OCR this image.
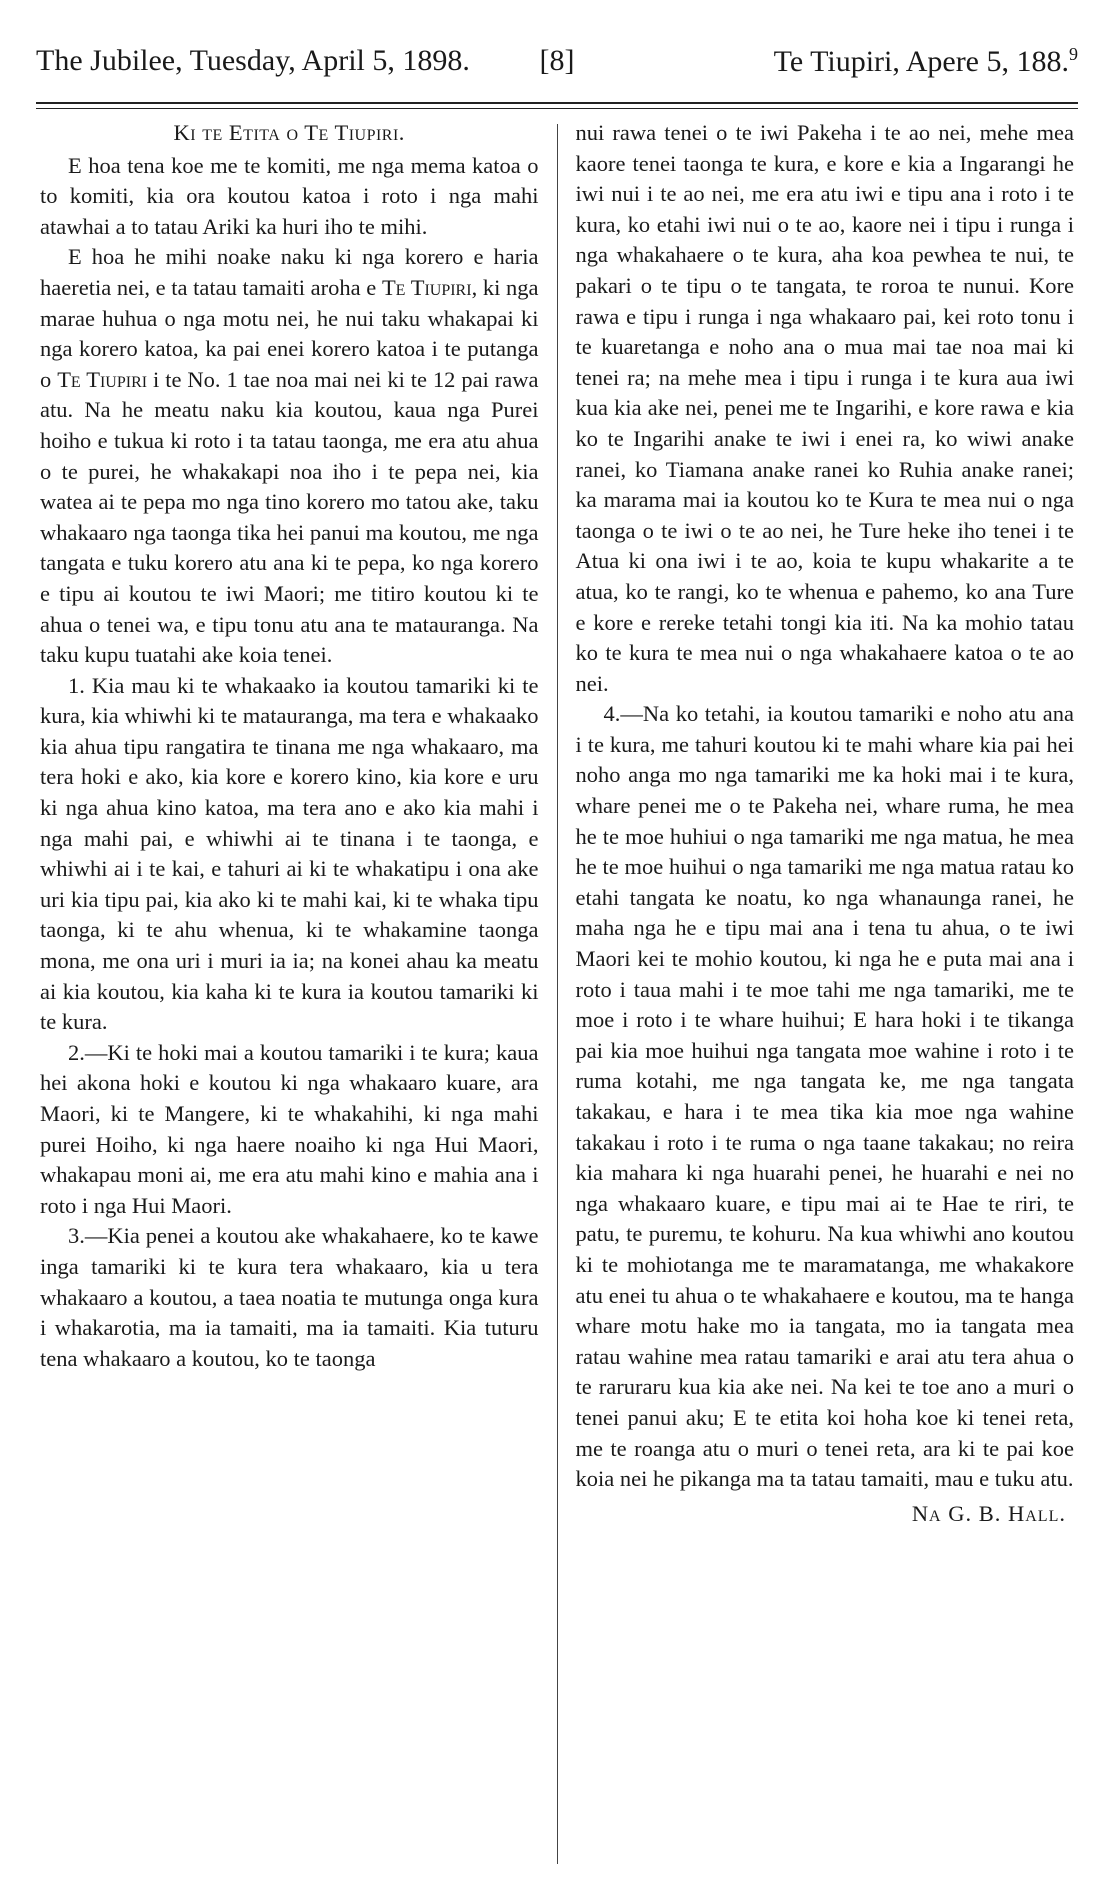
The Jubilee, Tuesday, April 5, 1898. [8]	Te Tiupiri, Apere 5, 188.$^9$
Ki te Etita o Te Tiupiri.

E hoa tena koe me te komiti, me nga mema katoa o to komiti, kia ora koutou katoa i roto i nga mahi atawhai a to tatau Ariki ka huri iho te mihi.

E hoa he mihi noake naku ki nga korero e haria haeretia nei, e ta tatau tamaiti aroha e Te Tiupiri, ki nga marae huhua o nga motu nei, he nui taku whakapai ki nga korero katoa, ka pai enei korero katoa i te putanga o Te Tiupiri i te No. 1 tae noa mai nei ki te 12 pai rawa atu. Na he meatu naku kia koutou, kaua nga Purei hoiho e tukua ki roto i ta tatau taonga, me era atu ahua o te purei, he whakakapi noa iho i te pepa nei, kia watea ai te pepa mo nga tino korero mo tatou ake, taku whakaaro nga taonga tika hei panui ma koutou, me nga tangata e tuku korero atu ana ki te pepa, ko nga korero e tipu ai koutou te iwi Maori; me titiro koutou ki te ahua o tenei wa, e tipu tonu atu ana te matauranga. Na taku kupu tuatahi ake koia tenei.

1. Kia mau ki te whakaako ia koutou tamariki ki te kura, kia whiwhi ki te matauranga, ma tera e whakaako kia ahua tipu rangatira te tinana me nga whakaaro, ma tera hoki e ako, kia kore e korero kino, kia kore e uru ki nga ahua kino katoa, ma tera ano e ako kia mahi i nga mahi pai, e whiwhi ai te tinana i te taonga, e whiwhi ai i te kai, e tahuri ai ki te whakatipu i ona ake uri kia tipu pai, kia ako ki te mahi kai, ki te whaka tipu taonga, ki te ahu whenua, ki te whakamine taonga mona, me ona uri i muri ia ia; na konei ahau ka meatu ai kia koutou, kia kaha ki te kura ia koutou tamariki ki te kura.

2.—Ki te hoki mai a koutou tamariki i te kura; kaua hei akona hoki e koutou ki nga whakaaro kuare, ara Maori, ki te Mangere, ki te whakahihi, ki nga mahi purei Hoiho, ki nga haere noaiho ki nga Hui Maori, whakapau moni ai, me era atu mahi kino e mahia ana i roto i nga Hui Maori.

3.—Kia penei a koutou ake whakahaere, ko te kawe inga tamariki ki te kura tera whakaaro, kia u tera whakaaro a koutou, a taea noatia te mutunga onga kura i whakarotia, ma ia tamaiti, ma ia tamaiti. Kia tuturu tena whakaaro a koutou, ko te taonga

nui rawa tenei o te iwi Pakeha i te ao nei, mehe mea kaore tenei taonga te kura, e kore e kia a Ingarangi he iwi nui i te ao nei, me era atu iwi e tipu ana i roto i te kura, ko etahi iwi nui o te ao, kaore nei i tipu i runga i nga whakahaere o te kura, aha koa pewhea te nui, te pakari o te tipu o te tangata, te roroa te nunui. Kore rawa e tipu i runga i nga whakaaro pai, kei roto tonu i te kuaretanga e noho ana o mua mai tae noa mai ki tenei ra; na mehe mea i tipu i runga i te kura aua iwi kua kia ake nei, penei me te Ingarihi, e kore rawa e kia ko te Ingarihi anake te iwi i enei ra, ko wiwi anake ranei, ko Tiamana anake ranei ko Ruhia anake ranei; ka marama mai ia koutou ko te Kura te mea nui o nga taonga o te iwi o te ao nei, he Ture heke iho tenei i te Atua ki ona iwi i te ao, koia te kupu whakarite a te atua, ko te rangi, ko te whenua e pahemo, ko ana Ture e kore e rereke tetahi tongi kia iti. Na ka mohio tatau ko te kura te mea nui o nga whakahaere katoa o te ao nei.

4.—Na ko tetahi, ia koutou tamariki e noho atu ana i te kura, me tahuri koutou ki te mahi whare kia pai hei noho anga mo nga tamariki me ka hoki mai i te kura, whare penei me o te Pakeha nei, whare ruma, he mea he te moe huhiui o nga tamariki me nga matua, he mea he te moe huihui o nga tamariki me nga matua ratau ko etahi tangata ke noatu, ko nga whanaunga ranei, he maha nga he e tipu mai ana i tena tu ahua, o te iwi Maori kei te mohio koutou, ki nga he e puta mai ana i roto i taua mahi i te moe tahi me nga tamariki, me te moe i roto i te whare huihui; E hara hoki i te tikanga pai kia moe huihui nga tangata moe wahine i roto i te ruma kotahi, me nga tangata ke, me nga tangata takakau, e hara i te mea tika kia moe nga wahine takakau i roto i te ruma o nga taane takakau; no reira kia mahara ki nga huarahi penei, he huarahi e nei no nga whakaaro kuare, e tipu mai ai te Hae te riri, te patu, te puremu, te kohuru. Na kua whiwhi ano koutou ki te mohiotanga me te maramatanga, me whakakore atu enei tu ahua o te whakahaere e koutou, ma te hanga whare motu hake mo ia tangata, mo ia tangata mea ratau wahine mea ratau tamariki e arai atu tera ahua o te raruraru kua kia ake nei. Na kei te toe ano a muri o tenei panui aku; E te etita koi hoha koe ki tenei reta, me te roanga atu o muri o tenei reta, ara ki te pai koe koia nei he pikanga ma ta tatau tamaiti, mau e tuku atu.

Na G. B. Hall.
